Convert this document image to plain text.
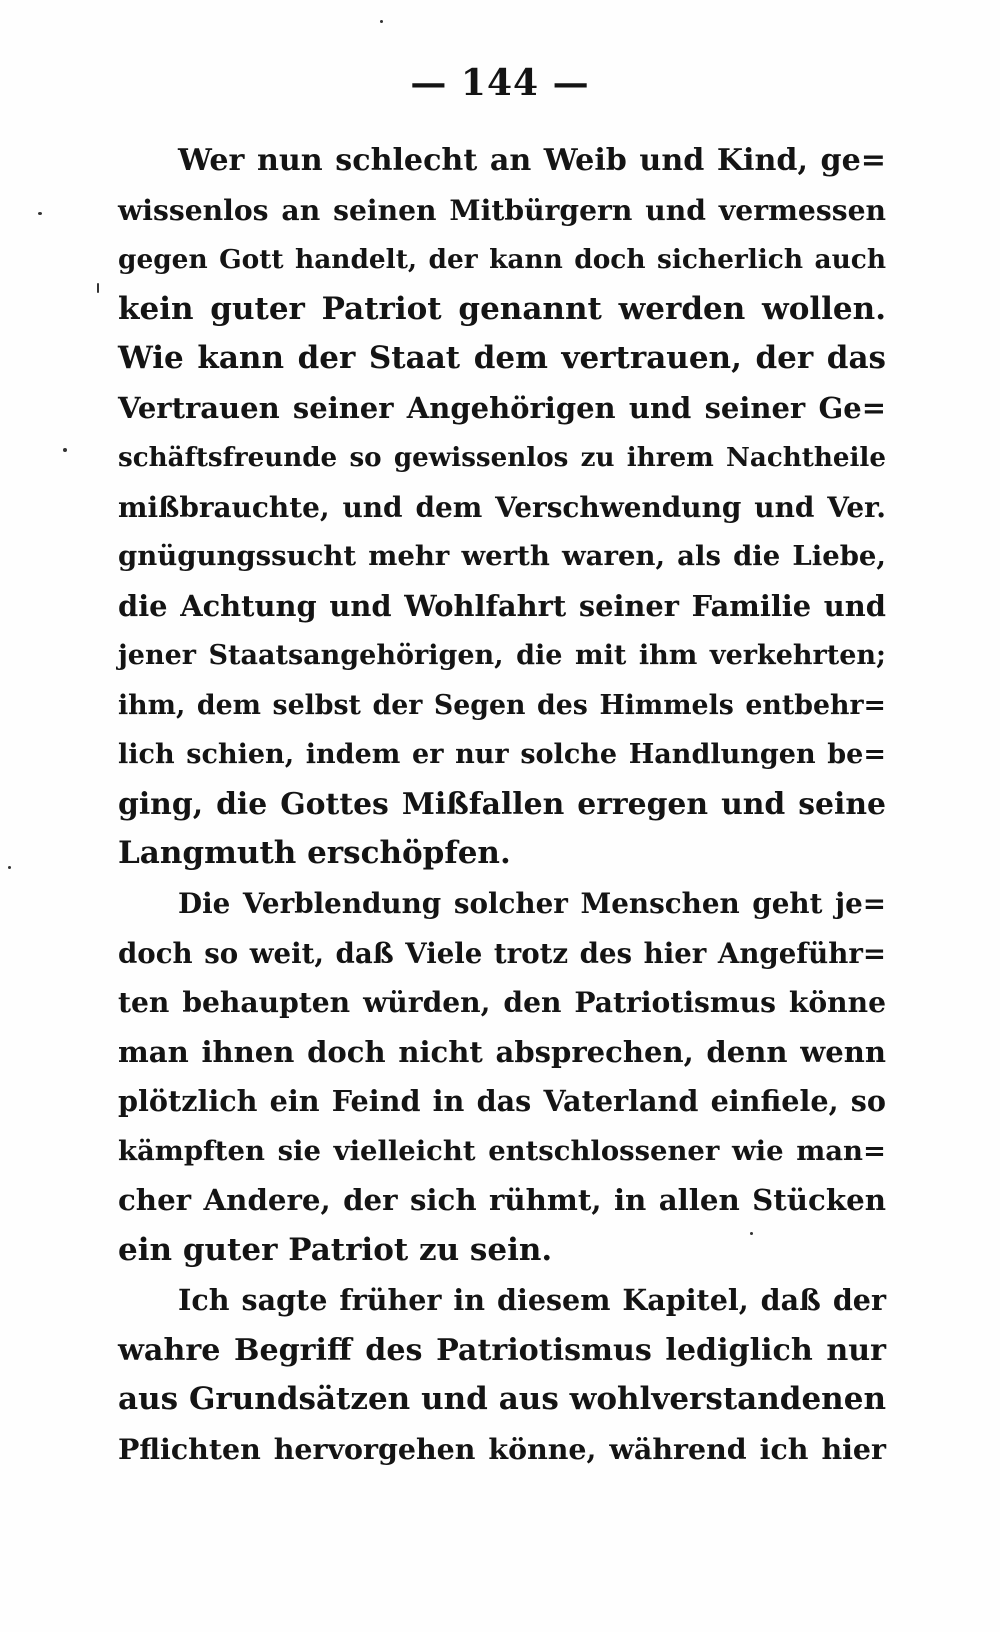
— 144 —
Wer nun schlecht an Weib und Kind, ge=
wissenlos an seinen Mitbürgern und vermessen
gegen Gott handelt, der kann doch sicherlich auch
kein guter Patriot genannt werden wollen.
Wie kann der Staat dem vertrauen, der das
Vertrauen seiner Angehörigen und seiner Ge=
schäftsfreunde so gewissenlos zu ihrem Nachtheile
mißbrauchte, und dem Verschwendung und Ver.
gnügungssucht mehr werth waren, als die Liebe,
die Achtung und Wohlfahrt seiner Familie und
jener Staatsangehörigen, die mit ihm verkehrten;
ihm, dem selbst der Segen des Himmels entbehr=
lich schien, indem er nur solche Handlungen be=
ging, die Gottes Mißfallen erregen und seine
Langmuth erschöpfen.
Die Verblendung solcher Menschen geht je=
doch so weit, daß Viele trotz des hier Angeführ=
ten behaupten würden, den Patriotismus könne
man ihnen doch nicht absprechen, denn wenn
plötzlich ein Feind in das Vaterland einfiele, so
kämpften sie vielleicht entschlossener wie man=
cher Andere, der sich rühmt, in allen Stücken
ein guter Patriot zu sein.
Ich sagte früher in diesem Kapitel, daß der
wahre Begriff des Patriotismus lediglich nur
aus Grundsätzen und aus wohlverstandenen
Pflichten hervorgehen könne, während ich hier
